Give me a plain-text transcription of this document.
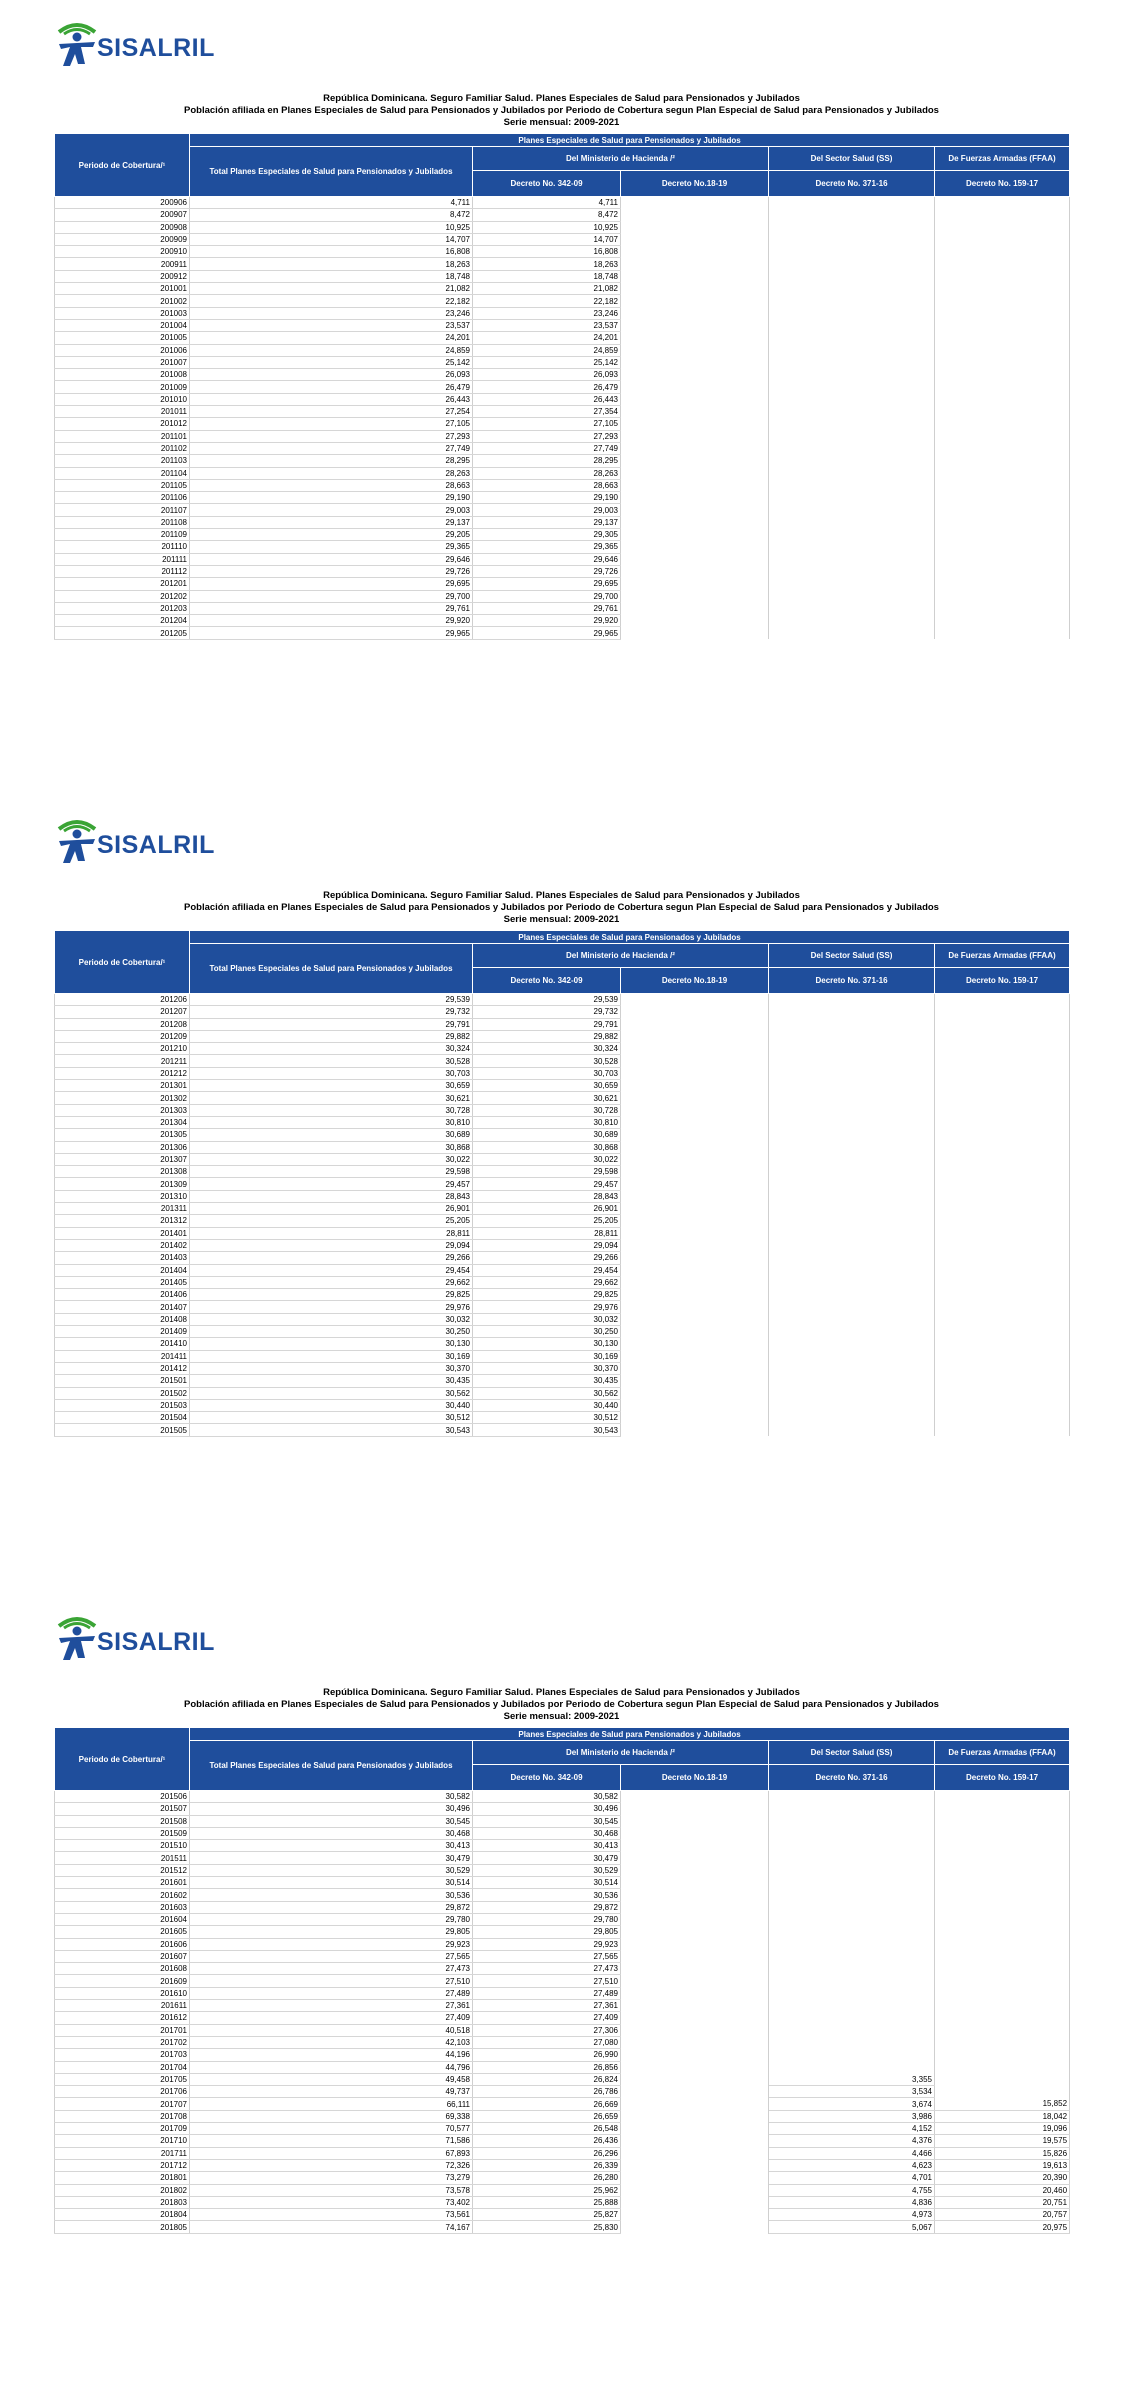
SISALRIL
República Dominicana. Seguro Familiar Salud. Planes Especiales de Salud para Pensionados y Jubilados
Población afiliada en Planes Especiales de Salud para Pensionados y Jubilados por Periodo de Cobertura segun Plan Especial de Salud para Pensionados y Jubilados
Serie mensual: 2009-2021
Periodo de Cobertura/¹	Planes Especiales de Salud para Pensionados y Jubilados				
	Total Planes Especiales de Salud para Pensionados y Jubilados	Del Ministerio de Hacienda /²		Del Sector Salud (SS)	De Fuerzas Armadas (FFAA)
		Decreto No. 342-09	Decreto No.18-19	Decreto No. 371-16	Decreto No. 159-17
200906	4,711	4,711			
200907	8,472	8,472			
200908	10,925	10,925			
200909	14,707	14,707			
200910	16,808	16,808			
200911	18,263	18,263			
200912	18,748	18,748			
201001	21,082	21,082			
201002	22,182	22,182			
201003	23,246	23,246			
201004	23,537	23,537			
201005	24,201	24,201			
201006	24,859	24,859			
201007	25,142	25,142			
201008	26,093	26,093			
201009	26,479	26,479			
201010	26,443	26,443			
201011	27,254	27,354			
201012	27,105	27,105			
201101	27,293	27,293			
201102	27,749	27,749			
201103	28,295	28,295			
201104	28,263	28,263			
201105	28,663	28,663			
201106	29,190	29,190			
201107	29,003	29,003			
201108	29,137	29,137			
201109	29,205	29,305			
201110	29,365	29,365			
201111	29,646	29,646			
201112	29,726	29,726			
201201	29,695	29,695			
201202	29,700	29,700			
201203	29,761	29,761			
201204	29,920	29,920			
201205	29,965	29,965			
SISALRIL
República Dominicana. Seguro Familiar Salud. Planes Especiales de Salud para Pensionados y Jubilados
Población afiliada en Planes Especiales de Salud para Pensionados y Jubilados por Periodo de Cobertura segun Plan Especial de Salud para Pensionados y Jubilados
Serie mensual: 2009-2021
Periodo de Cobertura/¹	Planes Especiales de Salud para Pensionados y Jubilados				
	Total Planes Especiales de Salud para Pensionados y Jubilados	Del Ministerio de Hacienda /²		Del Sector Salud (SS)	De Fuerzas Armadas (FFAA)
		Decreto No. 342-09	Decreto No.18-19	Decreto No. 371-16	Decreto No. 159-17
201206	29,539	29,539			
201207	29,732	29,732			
201208	29,791	29,791			
201209	29,882	29,882			
201210	30,324	30,324			
201211	30,528	30,528			
201212	30,703	30,703			
201301	30,659	30,659			
201302	30,621	30,621			
201303	30,728	30,728			
201304	30,810	30,810			
201305	30,689	30,689			
201306	30,868	30,868			
201307	30,022	30,022			
201308	29,598	29,598			
201309	29,457	29,457			
201310	28,843	28,843			
201311	26,901	26,901			
201312	25,205	25,205			
201401	28,811	28,811			
201402	29,094	29,094			
201403	29,266	29,266			
201404	29,454	29,454			
201405	29,662	29,662			
201406	29,825	29,825			
201407	29,976	29,976			
201408	30,032	30,032			
201409	30,250	30,250			
201410	30,130	30,130			
201411	30,169	30,169			
201412	30,370	30,370			
201501	30,435	30,435			
201502	30,562	30,562			
201503	30,440	30,440			
201504	30,512	30,512			
201505	30,543	30,543			
SISALRIL
República Dominicana. Seguro Familiar Salud. Planes Especiales de Salud para Pensionados y Jubilados
Población afiliada en Planes Especiales de Salud para Pensionados y Jubilados por Periodo de Cobertura segun Plan Especial de Salud para Pensionados y Jubilados
Serie mensual: 2009-2021
Periodo de Cobertura/¹	Planes Especiales de Salud para Pensionados y Jubilados				
	Total Planes Especiales de Salud para Pensionados y Jubilados	Del Ministerio de Hacienda /²		Del Sector Salud (SS)	De Fuerzas Armadas (FFAA)
		Decreto No. 342-09	Decreto No.18-19	Decreto No. 371-16	Decreto No. 159-17
201506	30,582	30,582			
201507	30,496	30,496			
201508	30,545	30,545			
201509	30,468	30,468			
201510	30,413	30,413			
201511	30,479	30,479			
201512	30,529	30,529			
201601	30,514	30,514			
201602	30,536	30,536			
201603	29,872	29,872			
201604	29,780	29,780			
201605	29,805	29,805			
201606	29,923	29,923			
201607	27,565	27,565			
201608	27,473	27,473			
201609	27,510	27,510			
201610	27,489	27,489			
201611	27,361	27,361			
201612	27,409	27,409			
201701	40,518	27,306			
201702	42,103	27,080			
201703	44,196	26,990			
201704	44,796	26,856			
201705	49,458	26,824		3,355	
201706	49,737	26,786		3,534	
201707	66,111	26,669		3,674	15,852
201708	69,338	26,659		3,986	18,042
201709	70,577	26,548		4,152	19,096
201710	71,586	26,436		4,376	19,575
201711	67,893	26,296		4,466	15,826
201712	72,326	26,339		4,623	19,613
201801	73,279	26,280		4,701	20,390
201802	73,578	25,962		4,755	20,460
201803	73,402	25,888		4,836	20,751
201804	73,561	25,827		4,973	20,757
201805	74,167	25,830		5,067	20,975
